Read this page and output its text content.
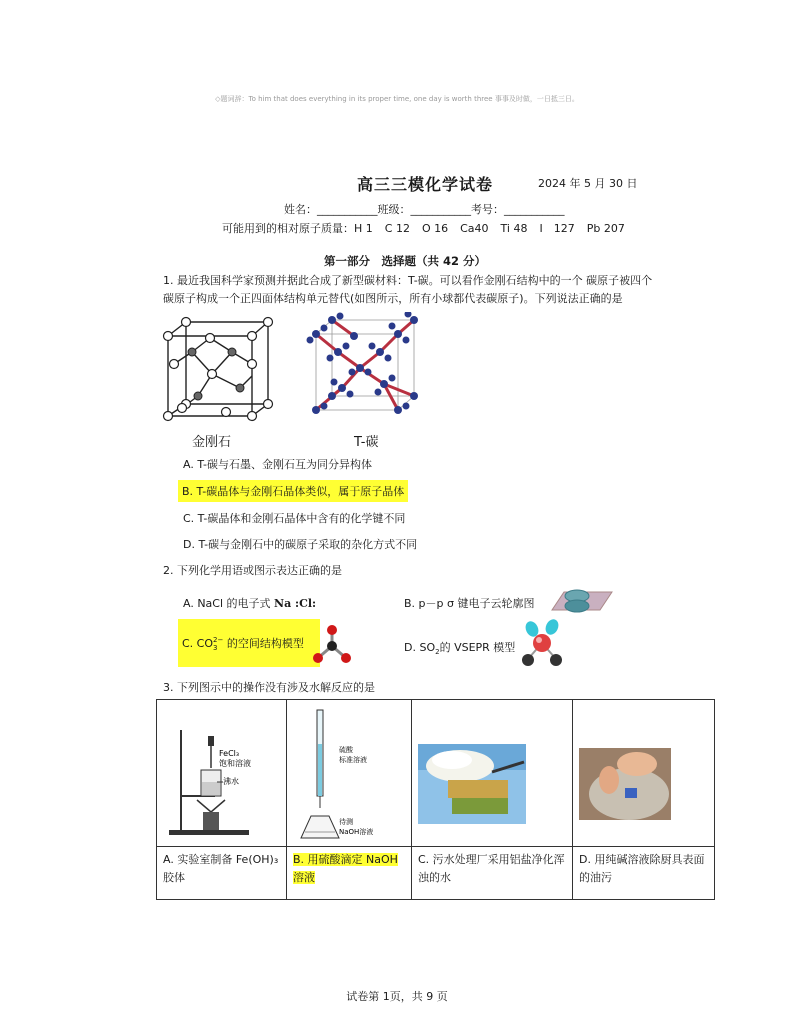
◇题词辞：To him that does everything in its proper time, one day is worth three 事事及时做，一日抵三日。
高三三模化学试卷	2024 年 5 月 30 日
姓名：___________班级：___________考号：___________
可能用到的相对原子质量：H 1 C 12 O 16 Ca40 Ti 48 I　127 Pb 207
第一部分　选择题（共 42 分）
1. 最近我国科学家预测并据此合成了新型碳材料：T-碳。可以看作金刚石结构中的一个 碳原子被四个
碳原子构成一个正四面体结构单元替代(如图所示，所有小球都代表碳原子)。下列说法正确的是
金刚石	T-碳
A. T-碳与石墨、金刚石互为同分异构体
B. T-碳晶体与金刚石晶体类似，属于原子晶体
C. T-碳晶体和金刚石晶体中含有的化学键不同
D. T-碳与金刚石中的碳原子采取的杂化方式不同
2. 下列化学用语或图示表达正确的是
A. NaCl 的电子式 Na :Cl:	B. p－p σ 键电子云轮廓图
C. CO 2−
3 的空间结构模型	D. $SO_2$的 VSEPR 模型
3. 下列图示中的操作没有涉及水解反应的是
FeCl₃
饱和溶液
沸水	硫酸
标准溶液
待测
NaOH溶液

A. 实验室制备 Fe(OH)₃ 胶体	B. 用硫酸滴定 NaOH 溶液	C. 污水处理厂采用铝盐净化浑浊的水	D. 用纯碱溶液除厨具表面的油污
试卷第 1页，共 9 页
